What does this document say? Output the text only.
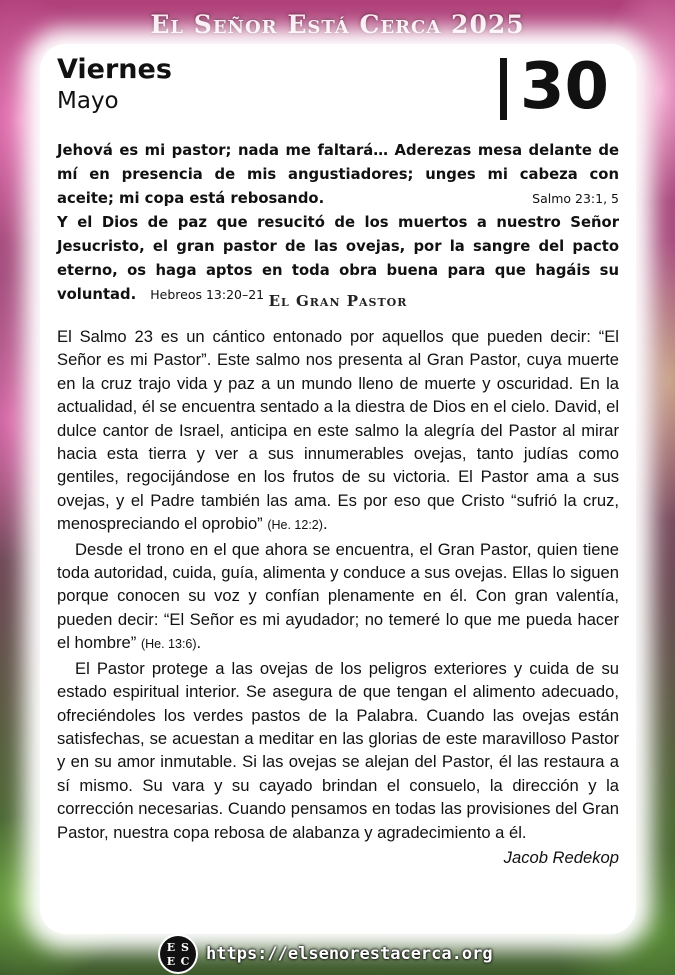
El Señor Está Cerca 2025
Viernes
Mayo	30
Jehová es mi pastor; nada me faltará… Aderezas mesa delante de mí en presencia de mis angustiadores; unges mi cabeza con aceite; mi copa está rebosando.	Salmo 23:1, 5

Y el Dios de paz que resucitó de los muertos a nuestro Señor Jesucristo, el gran pastor de las ovejas, por la sangre del pacto eterno, os haga aptos en toda obra buena para que hagáis su voluntad. Hebreos 13:20–21 El Gran Pastor

El Salmo 23 es un cántico entonado por aquellos que pueden decir: “El Señor es mi Pastor”. Este salmo nos presenta al Gran Pastor, cuya muerte en la cruz trajo vida y paz a un mundo lleno de muerte y oscuridad. En la actualidad, él se encuentra sentado a la diestra de Dios en el cielo. David, el dulce cantor de Israel, anticipa en este salmo la alegría del Pastor al mirar hacia esta tierra y ver a sus innumerables ovejas, tanto judías como gentiles, regocijándose en los frutos de su victoria. El Pastor ama a sus ovejas, y el Padre también las ama. Es por eso que Cristo “sufrió la cruz, menospreciando el oprobio” (He. 12:2).

Desde el trono en el que ahora se encuentra, el Gran Pastor, quien tiene toda autoridad, cuida, guía, alimenta y conduce a sus ovejas. Ellas lo siguen porque conocen su voz y confían plenamente en él. Con gran valentía, pueden decir: “El Señor es mi ayudador; no temeré lo que me pueda hacer el hombre” (He. 13:6).

El Pastor protege a las ovejas de los peligros exteriores y cuida de su estado espiritual interior. Se asegura de que tengan el alimento adecuado, ofreciéndoles los verdes pastos de la Palabra. Cuando las ovejas están satisfechas, se acuestan a meditar en las glorias de este maravilloso Pastor y en su amor inmutable. Si las ovejas se alejan del Pastor, él las restaura a sí mismo. Su vara y su cayado brindan el consuelo, la dirección y la corrección necesarias. Cuando pensamos en todas las provisiones del Gran Pastor, nuestra copa rebosa de alabanza y agradecimiento a él.

Jacob Redekop
E S
E C https://elsenorestacerca.org
